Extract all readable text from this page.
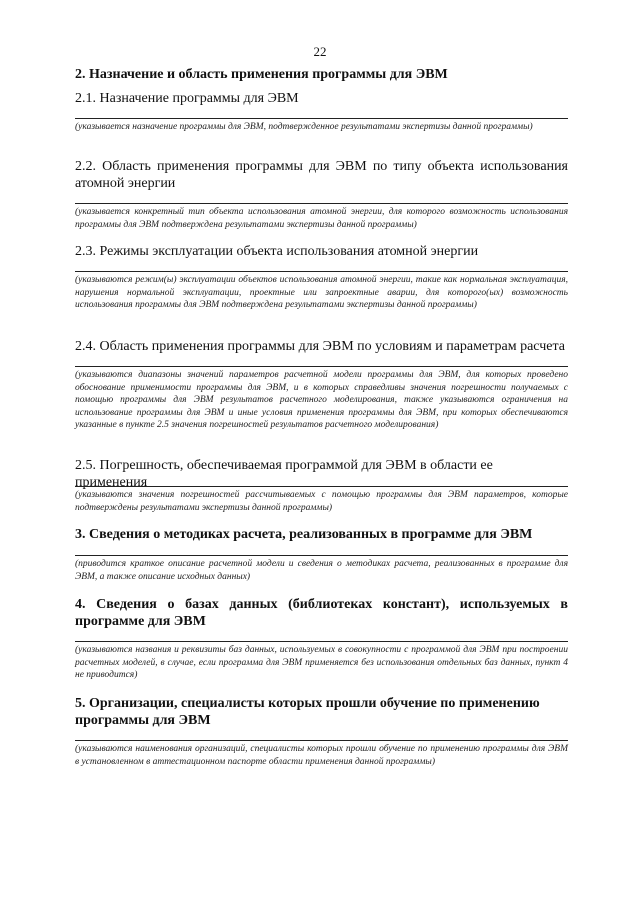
22
2. Назначение и область применения программы для ЭВМ
2.1. Назначение программы для ЭВМ
(указывается назначение программы для ЭВМ, подтвержденное результатами экспертизы данной программы)
2.2. Область применения программы для ЭВМ по типу объекта использования атомной энергии
(указывается конкретный тип объекта использования атомной энергии, для которого возможность использования программы для ЭВМ подтверждена результатами экспертизы данной программы)
2.3. Режимы эксплуатации объекта использования атомной энергии
(указываются режим(ы) эксплуатации объектов использования атомной энергии, такие как нормальная эксплуатация, нарушения нормальной эксплуатации, проектные или запроектные аварии, для которого(ых) возможность использования программы для ЭВМ подтверждена результатами экспертизы данной программы)
2.4. Область применения программы для ЭВМ по условиям и параметрам расчета
(указываются диапазоны значений параметров расчетной модели программы для ЭВМ, для которых проведено обоснование применимости программы для ЭВМ, и в которых справедливы значения погрешности получаемых с помощью программы для ЭВМ результатов расчетного моделирования, также указываются ограничения на использование программы для ЭВМ и иные условия применения программы для ЭВМ, при которых обеспечиваются указанные в пункте 2.5 значения погрешностей результатов расчетного моделирования)
2.5. Погрешность, обеспечиваемая программой для ЭВМ в области ее применения
(указываются значения погрешностей рассчитываемых с помощью программы для ЭВМ параметров, которые подтверждены результатами экспертизы данной программы)
3. Сведения о методиках расчета, реализованных в программе для ЭВМ
(приводится краткое описание расчетной модели и сведения о методиках расчета, реализованных в программе для ЭВМ, а также описание исходных данных)
4. Сведения о базах данных (библиотеках констант), используемых в программе для ЭВМ
(указываются названия и реквизиты баз данных, используемых в совокупности с программой для ЭВМ при построении расчетных моделей, в случае, если программа для ЭВМ применяется без использования отдельных баз данных, пункт 4 не приводится)
5. Организации, специалисты которых прошли обучение по применению программы для ЭВМ
(указываются наименования организаций, специалисты которых прошли обучение по применению программы для ЭВМ в установленном в аттестационном паспорте области применения данной программы)
